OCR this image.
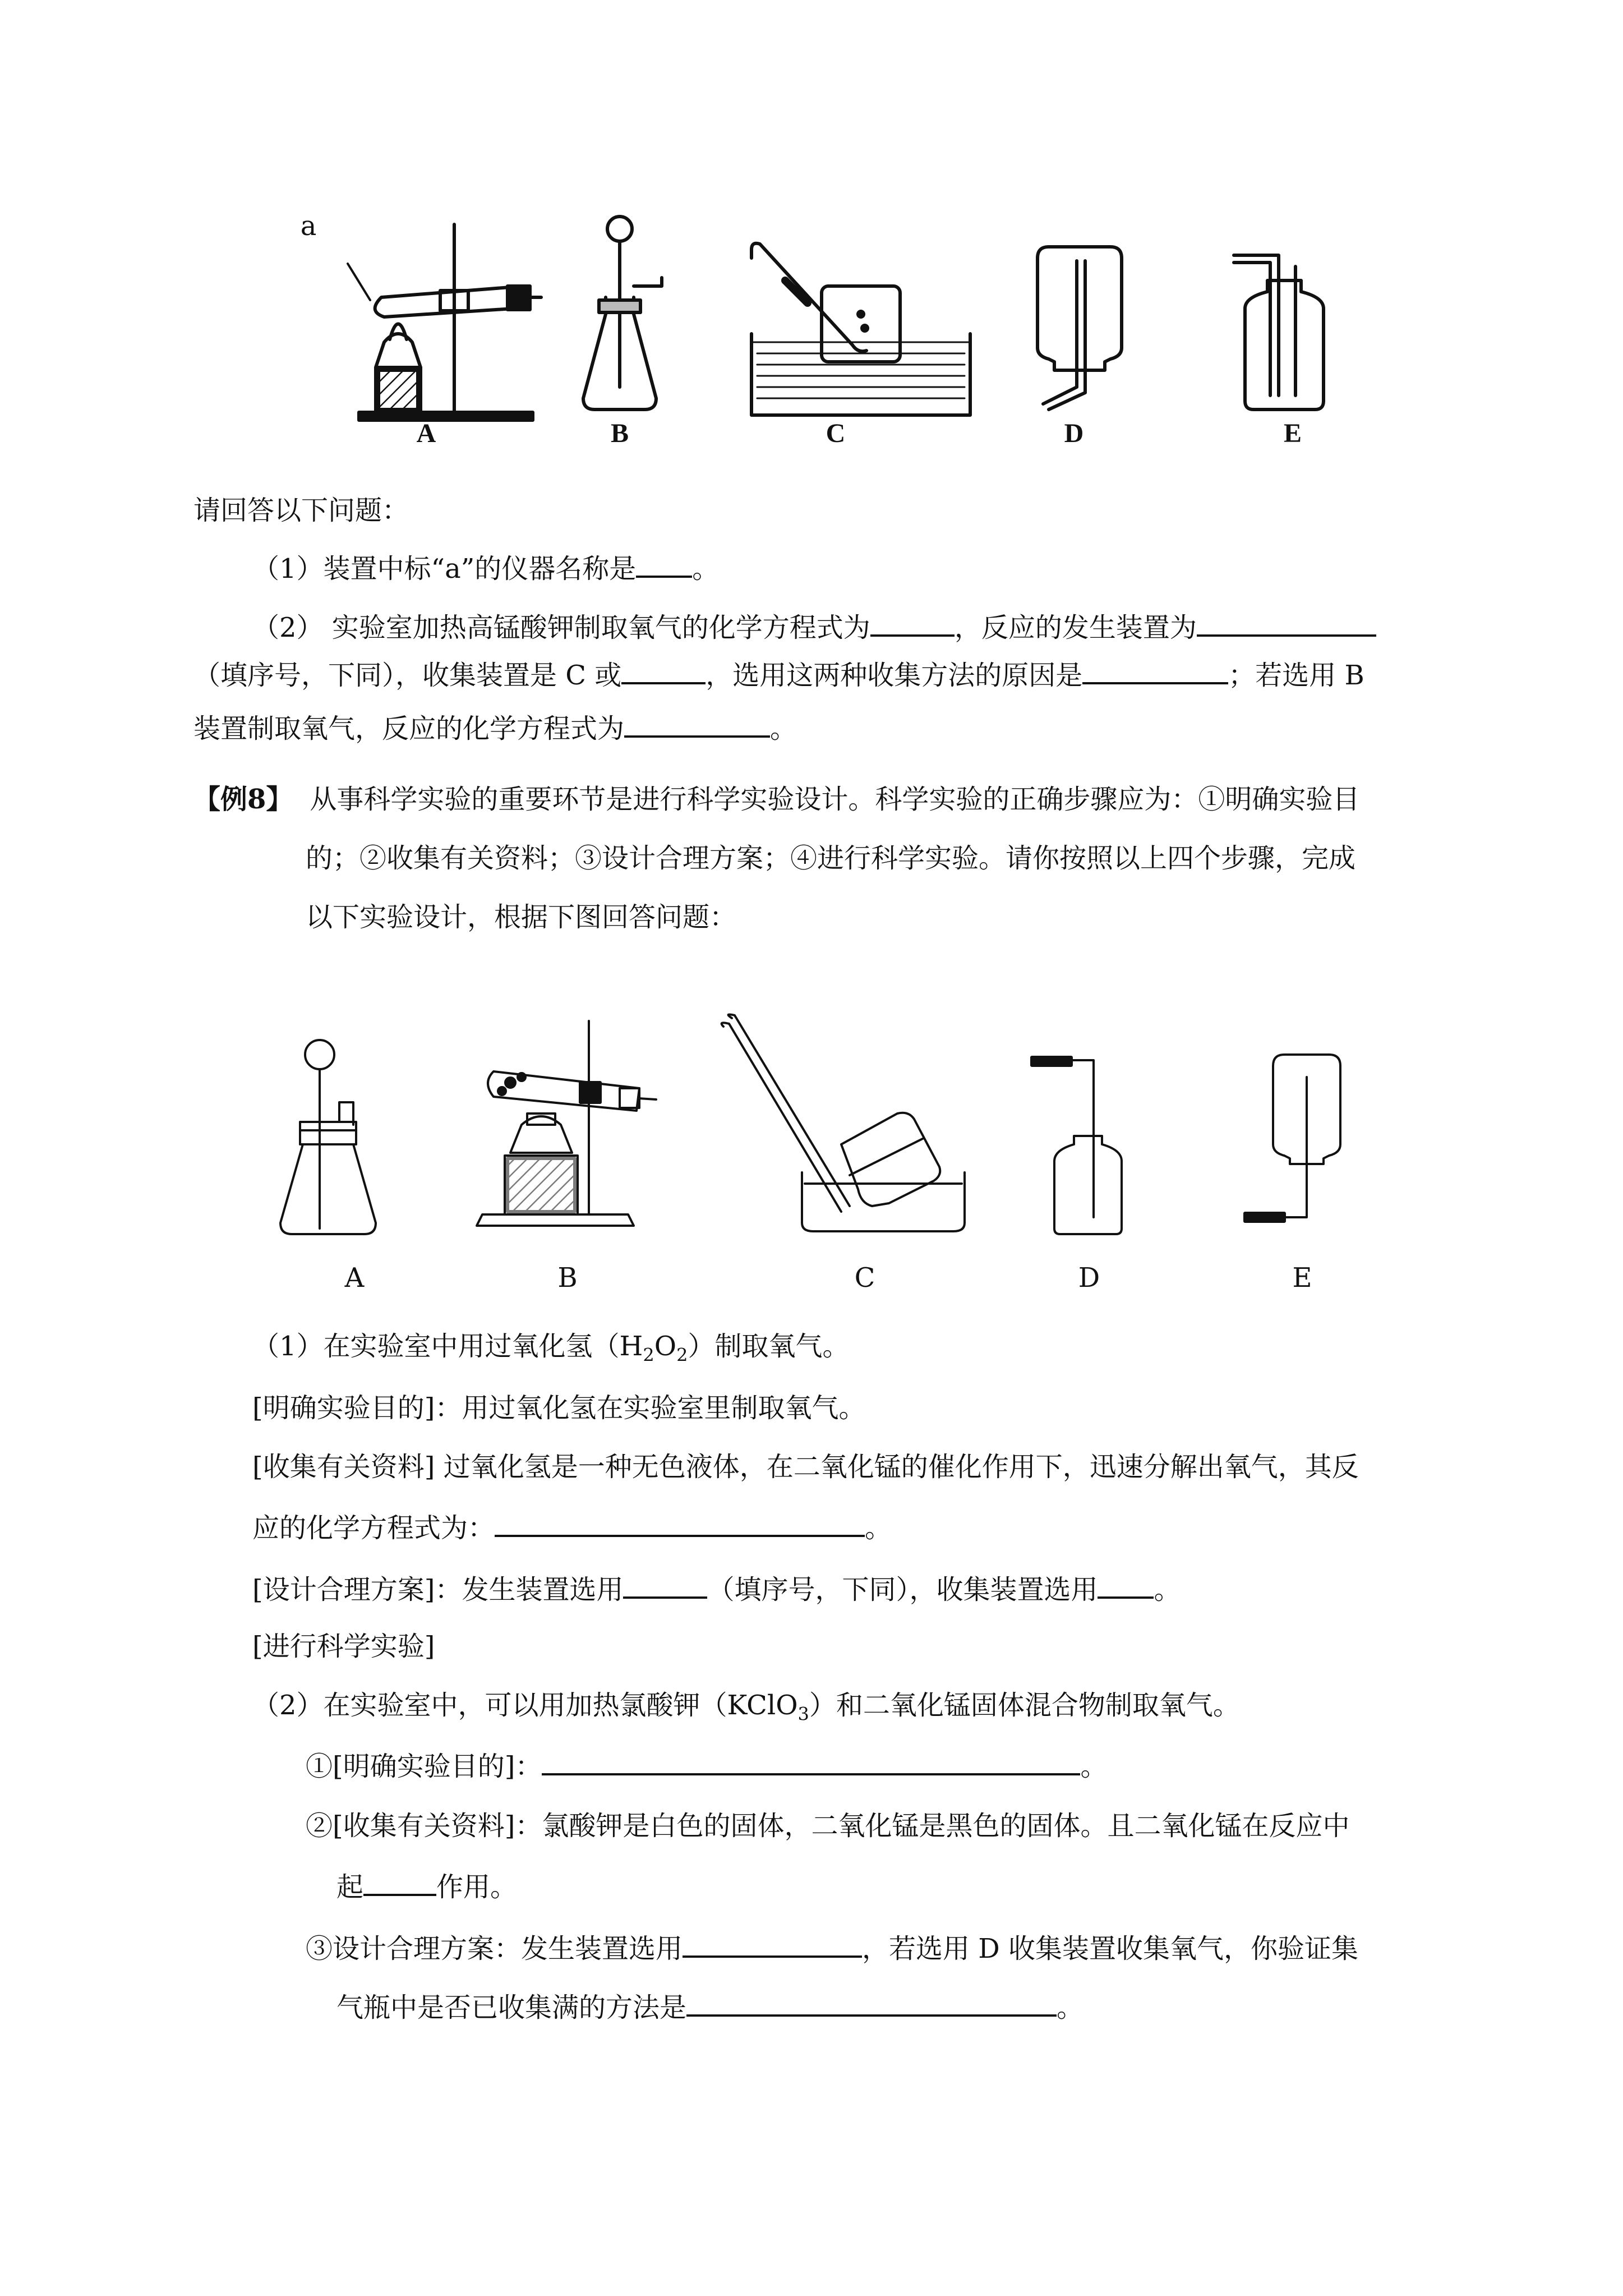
a
A	B	C	D	E
请回答以下问题：
（1）装置中标“a”的仪器名称是 。
（2） 实验室加热高锰酸钾制取氧气的化学方程式为	，反应的发生装置为
（填序号，下同），收集装置是 C 或	，选用这两种收集方法的原因是	；若选用 B
装置制取氧气，反应的化学方程式为	。
【例8】 从事科学实验的重要环节是进行科学实验设计。科学实验的正确步骤应为：①明确实验目
的；②收集有关资料；③设计合理方案；④进行科学实验。请你按照以上四个步骤，完成
以下实验设计，根据下图回答问题：
A	B	C	D	E
（1）在实验室中用过氧化氢$(H_2O_2)$制取氧气。
[明确实验目的]：用过氧化氢在实验室里制取氧气。
[收集有关资料] 过氧化氢是一种无色液体，在二氧化锰的催化作用下，迅速分解出氧气，其反
应的化学方程式为：	。
[设计合理方案]：发生装置选用	（填序号，下同），收集装置选用 。
[进行科学实验]
（2）在实验室中，可以用加热氯酸钾（KClO$_3$）和二氧化锰固体混合物制取氧气。
①[明确实验目的]：	。
②[收集有关资料]：氯酸钾是白色的固体，二氧化锰是黑色的固体。且二氧化锰在反应中
起	作用。
③设计合理方案：发生装置选用	，若选用 D 收集装置收集氧气，你验证集
气瓶中是否已收集满的方法是	。
